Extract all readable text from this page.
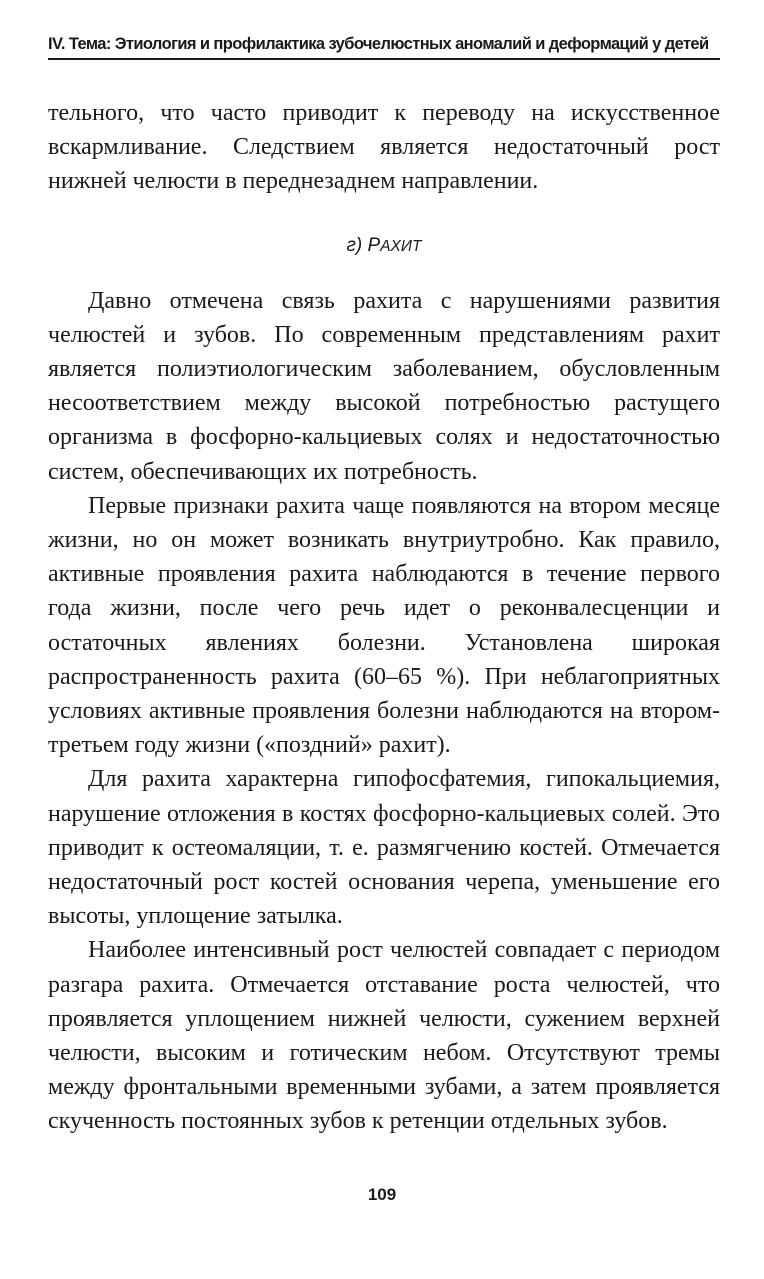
IV. Тема: Этиология и профилактика зубочелюстных аномалий и деформаций у детей

тельного, что часто приводит к переводу на искусственное вскармливание. Следствием является недостаточный рост нижней челюсти в переднезаднем направлении.

г) РАХИТ

Давно отмечена связь рахита с нарушениями развития челюстей и зубов. По современным представлениям рахит является полиэтиологическим заболеванием, обусловленным несоответствием между высокой потребностью растущего организма в фосфорно-кальциевых солях и недостаточностью систем, обеспечивающих их потребность.

Первые признаки рахита чаще появляются на втором месяце жизни, но он может возникать внутриутробно. Как правило, активные проявления рахита наблюдаются в течение первого года жизни, после чего речь идет о реконвалесценции и остаточных явлениях болезни. Установлена широкая распространенность рахита (60–65 %). При неблагоприятных условиях активные проявления болезни наблюдаются на втором-третьем году жизни («поздний» рахит).

Для рахита характерна гипофосфатемия, гипокальциемия, нарушение отложения в костях фосфорно-кальциевых солей. Это приводит к остеомаляции, т. е. размягчению костей. Отмечается недостаточный рост костей основания черепа, уменьшение его высоты, уплощение затылка.

Наиболее интенсивный рост челюстей совпадает с периодом разгара рахита. Отмечается отставание роста челюстей, что проявляется уплощением нижней челюсти, сужением верхней челюсти, высоким и готическим небом. Отсутствуют тремы между фронтальными временными зубами, а затем проявляется скученность постоянных зубов к ретенции отдельных зубов.

109
